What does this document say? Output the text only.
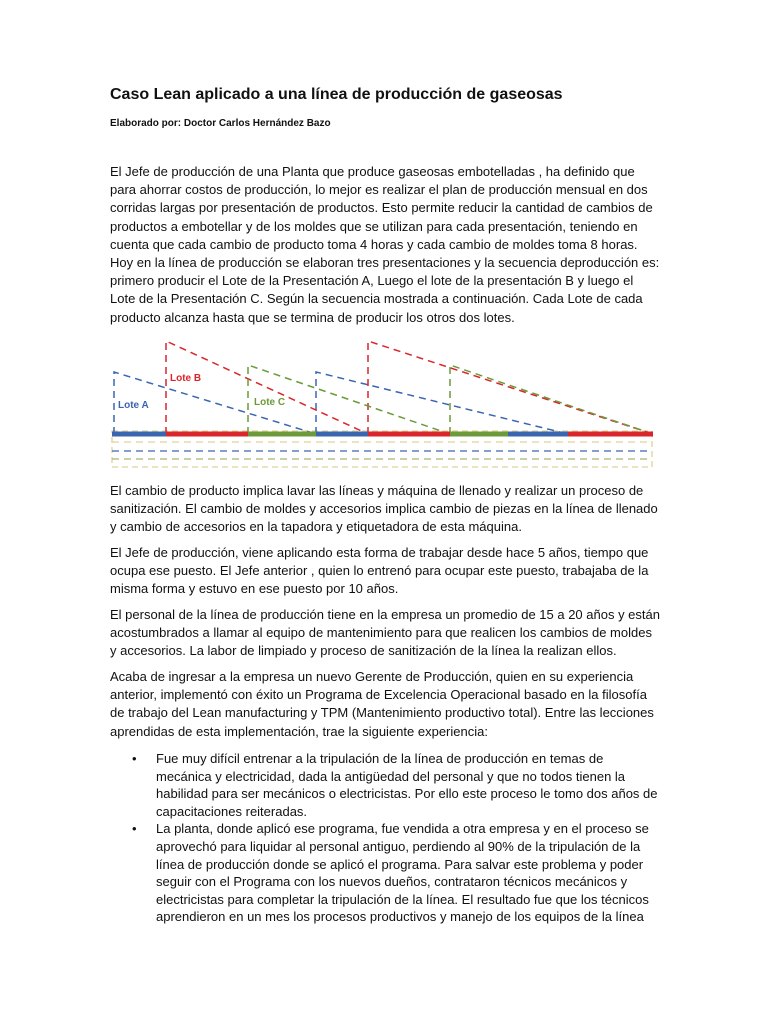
Caso Lean aplicado a una línea de producción de gaseosas
Elaborado por: Doctor Carlos Hernández Bazo

El Jefe de producción de una Planta que produce gaseosas embotelladas , ha definido que para ahorrar costos de producción, lo mejor es realizar el plan de producción mensual en dos corridas largas por presentación de productos. Esto permite reducir la cantidad de cambios de productos a embotellar y de los moldes que se utilizan para cada presentación, teniendo en cuenta que cada cambio de producto toma 4 horas y cada cambio de moldes toma 8 horas. Hoy en la línea de producción se elaboran tres presentaciones y la secuencia deproducción es: primero producir el Lote de la Presentación A, Luego el lote de la presentación B y luego el Lote de la Presentación C. Según la secuencia mostrada a continuación. Cada Lote de cada producto alcanza hasta que se termina de producir los otros dos lotes.

Lote A
Lote B
Lote C

El cambio de producto implica lavar las líneas y máquina de llenado y realizar un proceso de sanitización. El cambio de moldes y accesorios implica cambio de piezas en la línea de llenado y cambio de accesorios en la tapadora y etiquetadora de esta máquina.

El Jefe de producción, viene aplicando esta forma de trabajar desde hace 5 años, tiempo que ocupa ese puesto. El Jefe anterior , quien lo entrenó para ocupar este puesto, trabajaba de la misma forma y estuvo en ese puesto por 10 años.

El personal de la línea de producción tiene en la empresa un promedio de 15 a 20 años y están acostumbrados a llamar al equipo de mantenimiento para que realicen los cambios de moldes y accesorios. La labor de limpiado y proceso de sanitización de la línea la realizan ellos.

Acaba de ingresar a la empresa un nuevo Gerente de Producción, quien en su experiencia anterior, implementó con éxito un Programa de Excelencia Operacional basado en la filosofía de trabajo del Lean manufacturing y TPM (Mantenimiento productivo total). Entre las lecciones aprendidas de esta implementación, trae la siguiente experiencia:

• Fue muy difícil entrenar a la tripulación de la línea de producción en temas de mecánica y electricidad, dada la antigüedad del personal y que no todos tienen la habilidad para ser mecánicos o electricistas. Por ello este proceso le tomo dos años de capacitaciones reiteradas.
• La planta, donde aplicó ese programa, fue vendida a otra empresa y en el proceso se aprovechó para liquidar al personal antiguo, perdiendo al 90% de la tripulación de la línea de producción donde se aplicó el programa. Para salvar este problema y poder seguir con el Programa con los nuevos dueños, contrataron técnicos mecánicos y electricistas para completar la tripulación de la línea. El resultado fue que los técnicos aprendieron en un mes los procesos productivos y manejo de los equipos de la línea
